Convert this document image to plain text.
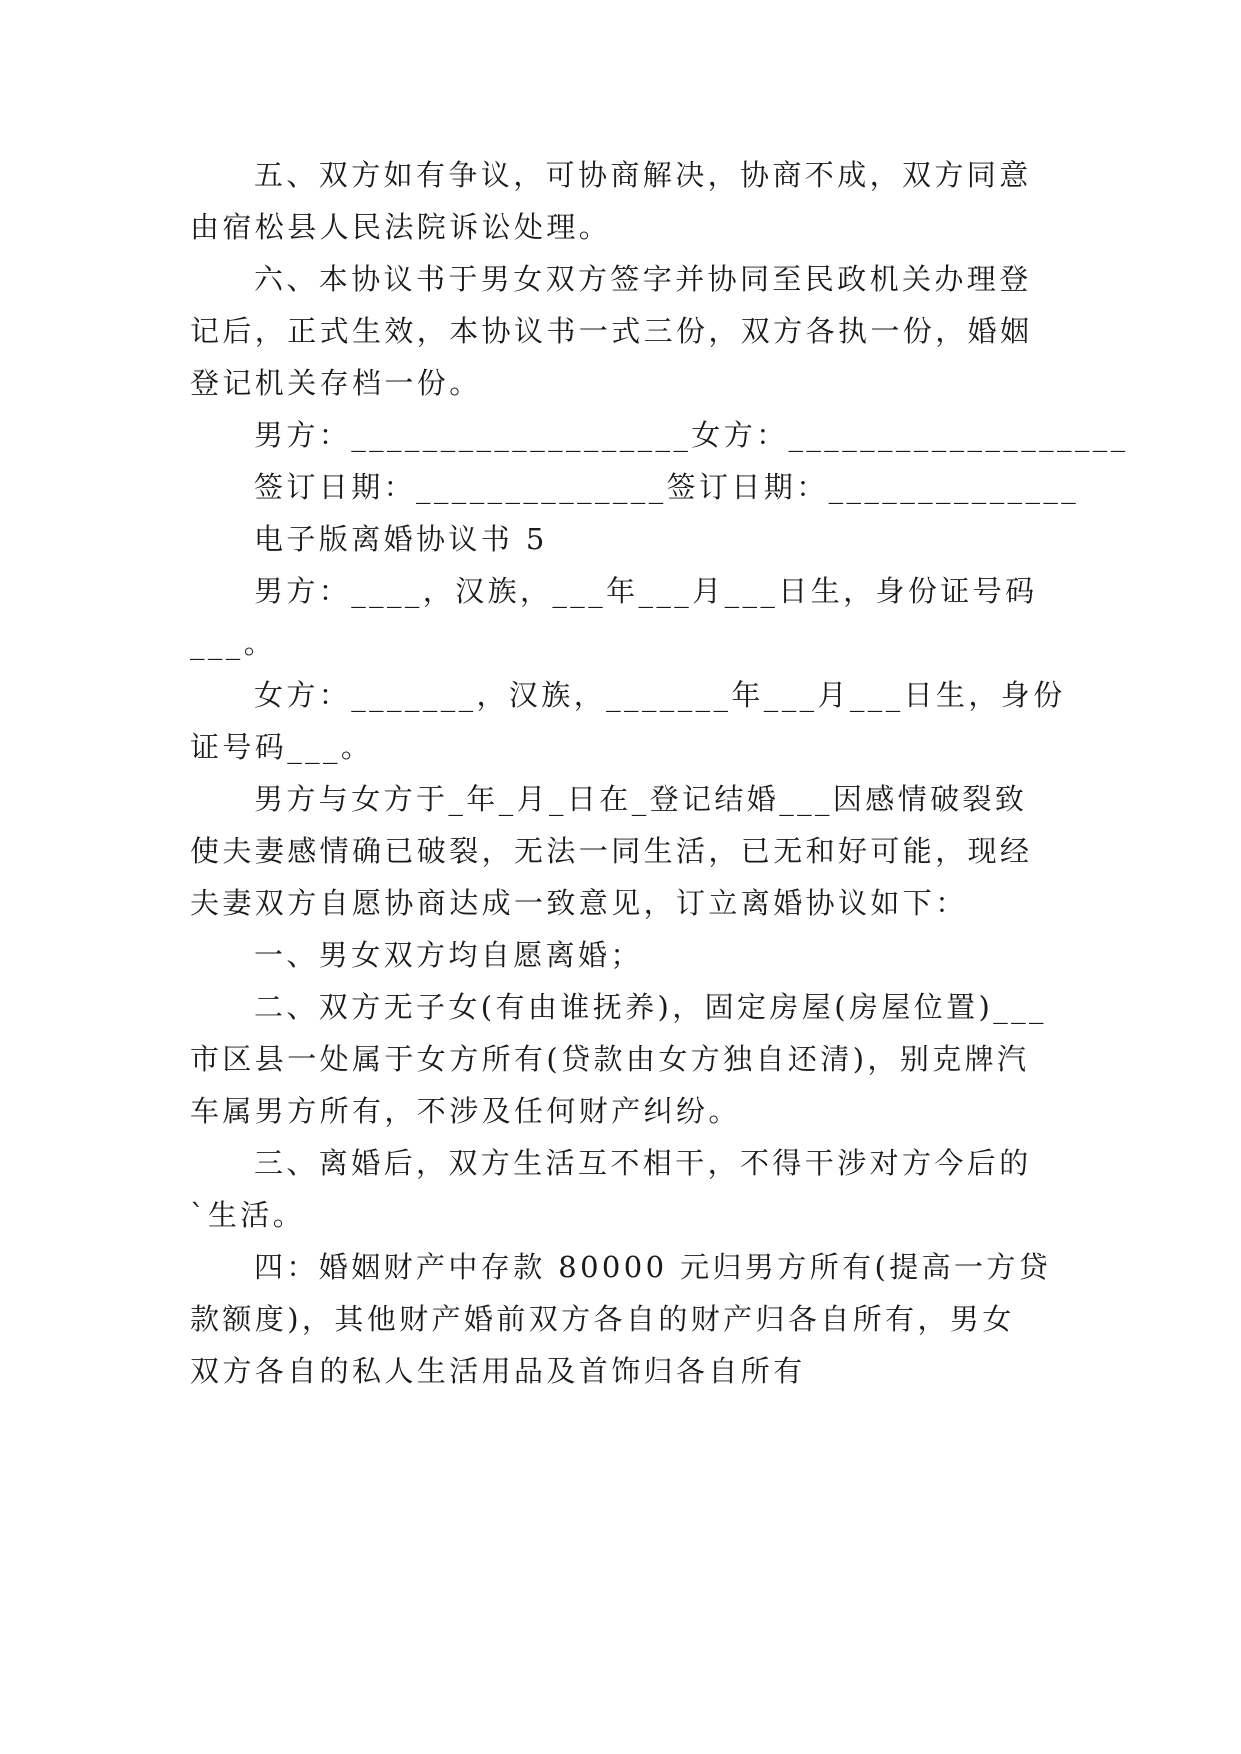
五、双方如有争议，可协商解决，协商不成，双方同意
由宿松县人民法院诉讼处理。
六、本协议书于男女双方签字并协同至民政机关办理登
记后，正式生效，本协议书一式三份，双方各执一份，婚姻
登记机关存档一份。
男方：___________________女方：___________________
签订日期：______________签订日期：______________
电子版离婚协议书 5
男方：____，汉族，___年___月___日生，身份证号码
___。
女方：_______，汉族，_______年___月___日生，身份
证号码___。
男方与女方于_年_月_日在_登记结婚___因感情破裂致
使夫妻感情确已破裂，无法一同生活，已无和好可能，现经
夫妻双方自愿协商达成一致意见，订立离婚协议如下：
一、男女双方均自愿离婚；
二、双方无子女(有由谁抚养)，固定房屋(房屋位置)___
市区县一处属于女方所有(贷款由女方独自还清)，别克牌汽
车属男方所有，不涉及任何财产纠纷。
三、离婚后，双方生活互不相干，不得干涉对方今后的
`生活。
四：婚姻财产中存款 80000 元归男方所有(提高一方贷
款额度)，其他财产婚前双方各自的财产归各自所有，男女
双方各自的私人生活用品及首饰归各自所有
